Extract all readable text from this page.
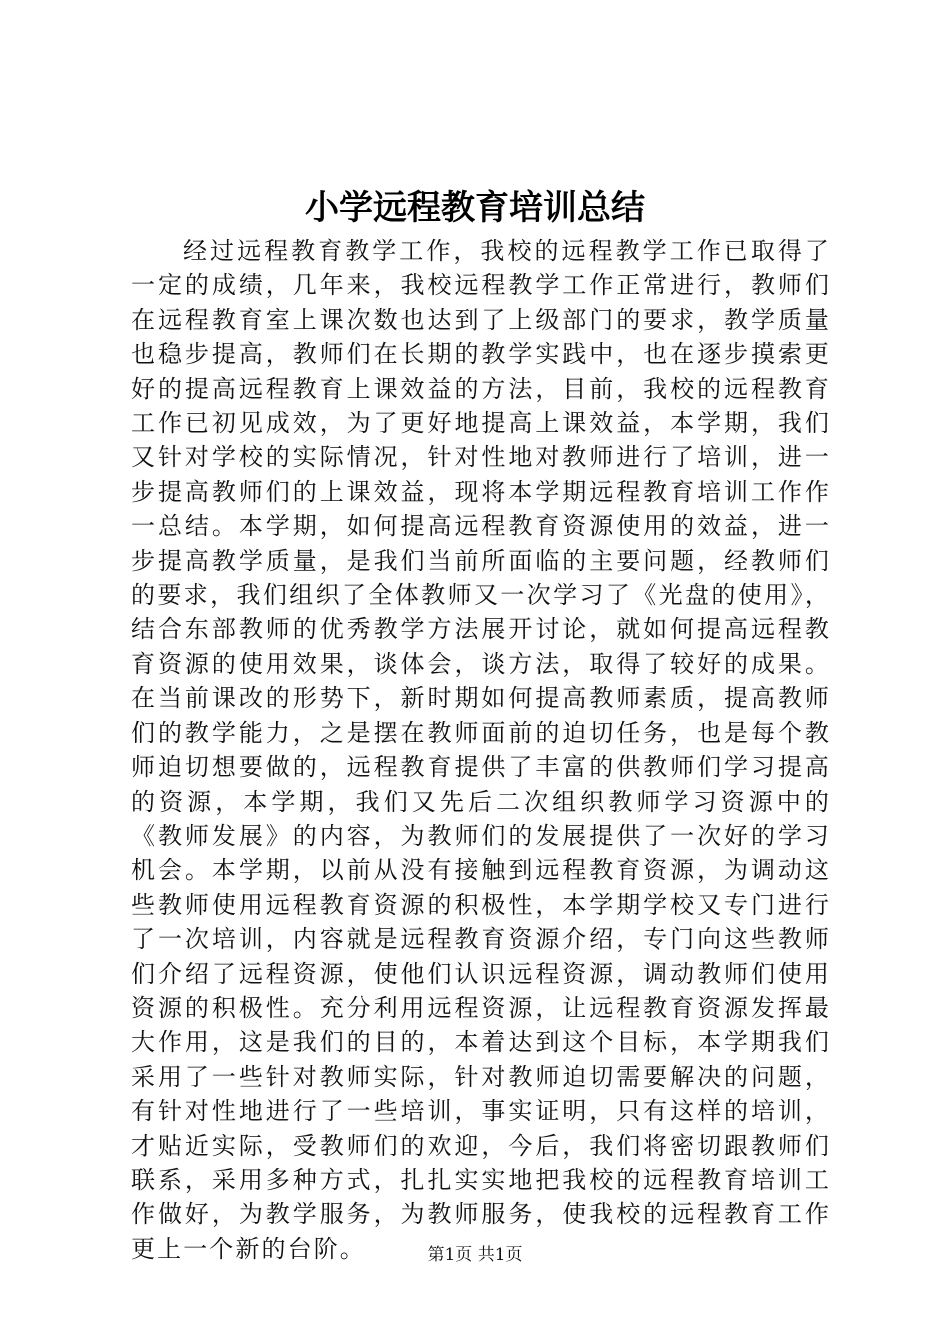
小学远程教育培训总结

经过远程教育教学工作，我校的远程教学工作已取得了一定的成绩，几年来，我校远程教学工作正常进行，教师们在远程教育室上课次数也达到了上级部门的要求，教学质量也稳步提高，教师们在长期的教学实践中，也在逐步摸索更好的提高远程教育上课效益的方法，目前，我校的远程教育工作已初见成效，为了更好地提高上课效益，本学期，我们又针对学校的实际情况，针对性地对教师进行了培训，进一步提高教师们的上课效益，现将本学期远程教育培训工作作一总结。本学期，如何提高远程教育资源使用的效益，进一步提高教学质量，是我们当前所面临的主要问题，经教师们的要求，我们组织了全体教师又一次学习了《光盘的使用》，结合东部教师的优秀教学方法展开讨论，就如何提高远程教育资源的使用效果，谈体会，谈方法，取得了较好的成果。在当前课改的形势下，新时期如何提高教师素质，提高教师们的教学能力，之是摆在教师面前的迫切任务，也是每个教师迫切想要做的，远程教育提供了丰富的供教师们学习提高的资源，本学期，我们又先后二次组织教师学习资源中的《教师发展》的内容，为教师们的发展提供了一次好的学习机会。本学期，以前从没有接触到远程教育资源，为调动这些教师使用远程教育资源的积极性，本学期学校又专门进行了一次培训，内容就是远程教育资源介绍，专门向这些教师们介绍了远程资源，使他们认识远程资源，调动教师们使用资源的积极性。充分利用远程资源，让远程教育资源发挥最大作用，这是我们的目的，本着达到这个目标，本学期我们采用了一些针对教师实际，针对教师迫切需要解决的问题，有针对性地进行了一些培训，事实证明，只有这样的培训，才贴近实际，受教师们的欢迎，今后，我们将密切跟教师们联系，采用多种方式，扎扎实实地把我校的远程教育培训工作做好，为教学服务，为教师服务，使我校的远程教育工作更上一个新的台阶。	第1页 共1页
